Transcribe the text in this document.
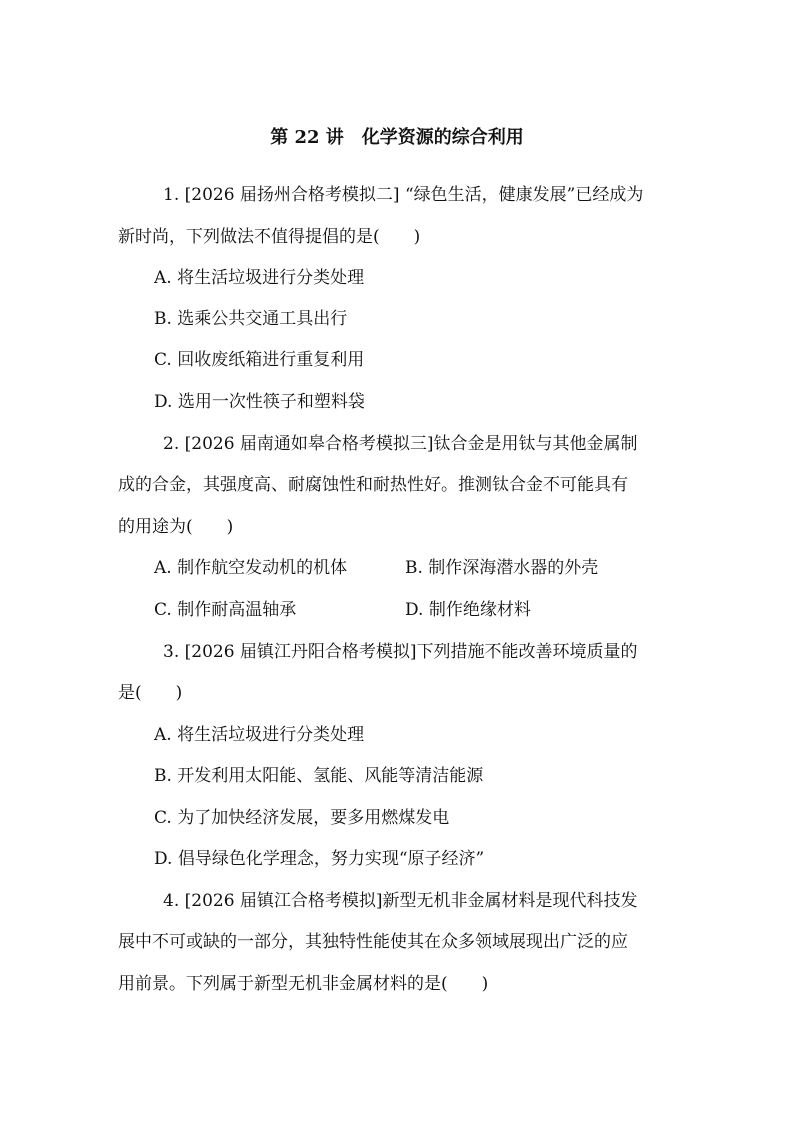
第 22 讲　化学资源的综合利用
1. [2026 届扬州合格考模拟二] “绿色生活，健康发展”已经成为
新时尚，下列做法不值得提倡的是(　　)
A. 将生活垃圾进行分类处理
B. 选乘公共交通工具出行
C. 回收废纸箱进行重复利用
D. 选用一次性筷子和塑料袋
2. [2026 届南通如皋合格考模拟三]钛合金是用钛与其他金属制
成的合金，其强度高、耐腐蚀性和耐热性好。推测钛合金不可能具有
的用途为(　　)
A. 制作航空发动机的机体	B. 制作深海潜水器的外壳
C. 制作耐高温轴承	D. 制作绝缘材料
3. [2026 届镇江丹阳合格考模拟]下列措施不能改善环境质量的
是(　　)
A. 将生活垃圾进行分类处理
B. 开发利用太阳能、氢能、风能等清洁能源
C. 为了加快经济发展，要多用燃煤发电
D. 倡导绿色化学理念，努力实现“原子经济”
4. [2026 届镇江合格考模拟]新型无机非金属材料是现代科技发
展中不可或缺的一部分，其独特性能使其在众多领域展现出广泛的应
用前景。下列属于新型无机非金属材料的是(　　)
